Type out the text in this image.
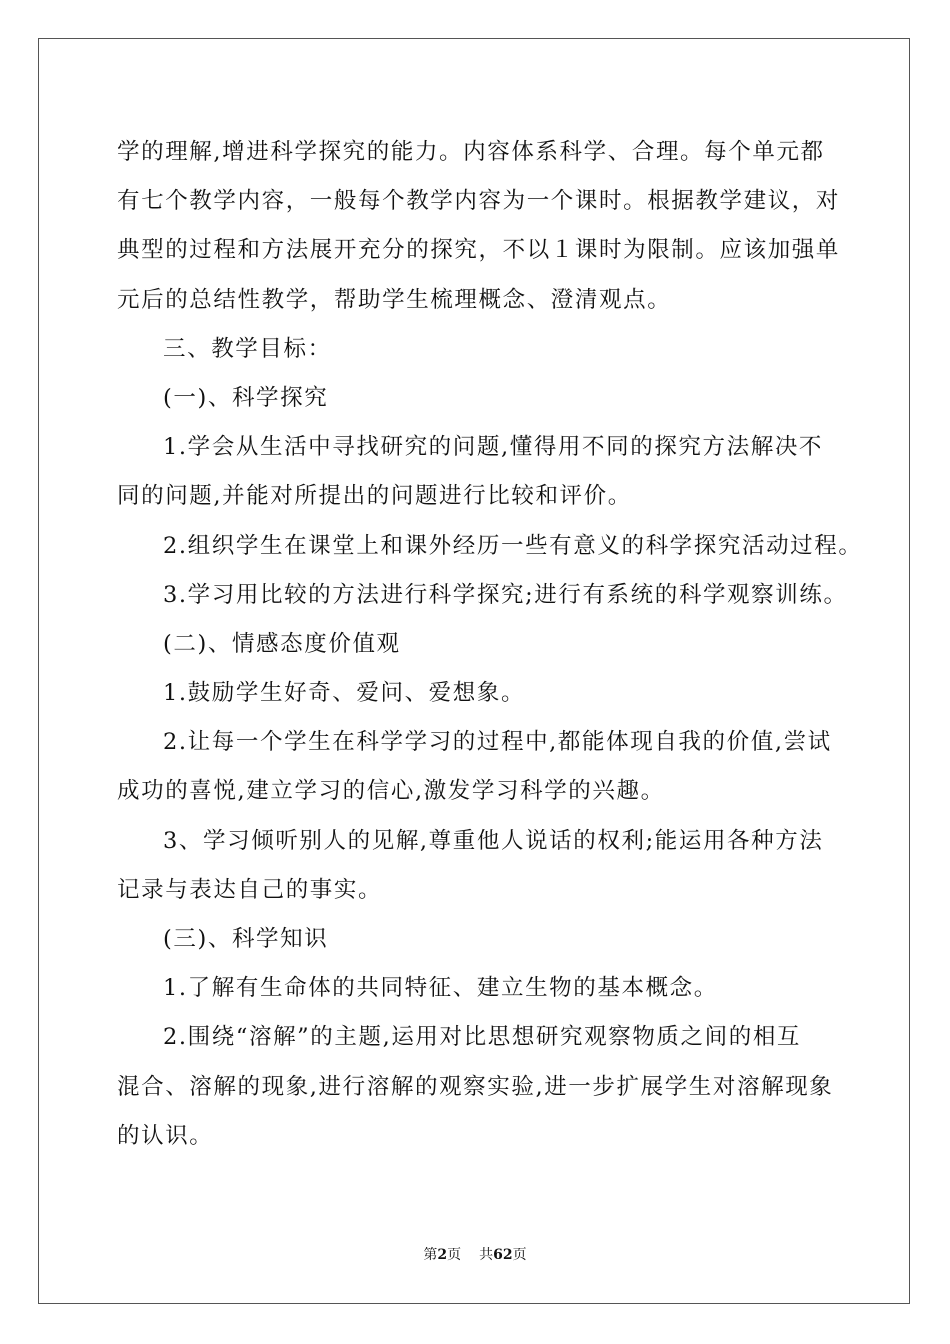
学的理解,增进科学探究的能力。内容体系科学、合理。每个单元都
有七个教学内容，一般每个教学内容为一个课时。根据教学建议，对
典型的过程和方法展开充分的探究，不以１课时为限制。应该加强单
元后的总结性教学，帮助学生梳理概念、澄清观点。
三、教学目标：
(一)、科学探究
1.学会从生活中寻找研究的问题,懂得用不同的探究方法解决不
同的问题,并能对所提出的问题进行比较和评价。
2.组织学生在课堂上和课外经历一些有意义的科学探究活动过程。
3.学习用比较的方法进行科学探究;进行有系统的科学观察训练。
(二)、情感态度价值观
1.鼓励学生好奇、爱问、爱想象。
2.让每一个学生在科学学习的过程中,都能体现自我的价值,尝试
成功的喜悦,建立学习的信心,激发学习科学的兴趣。
3、学习倾听别人的见解,尊重他人说话的权利;能运用各种方法
记录与表达自己的事实。
(三)、科学知识
1.了解有生命体的共同特征、建立生物的基本概念。
2.围绕“溶解”的主题,运用对比思想研究观察物质之间的相互
混合、溶解的现象,进行溶解的观察实验,进一步扩展学生对溶解现象
的认识。
第2页 共62页
